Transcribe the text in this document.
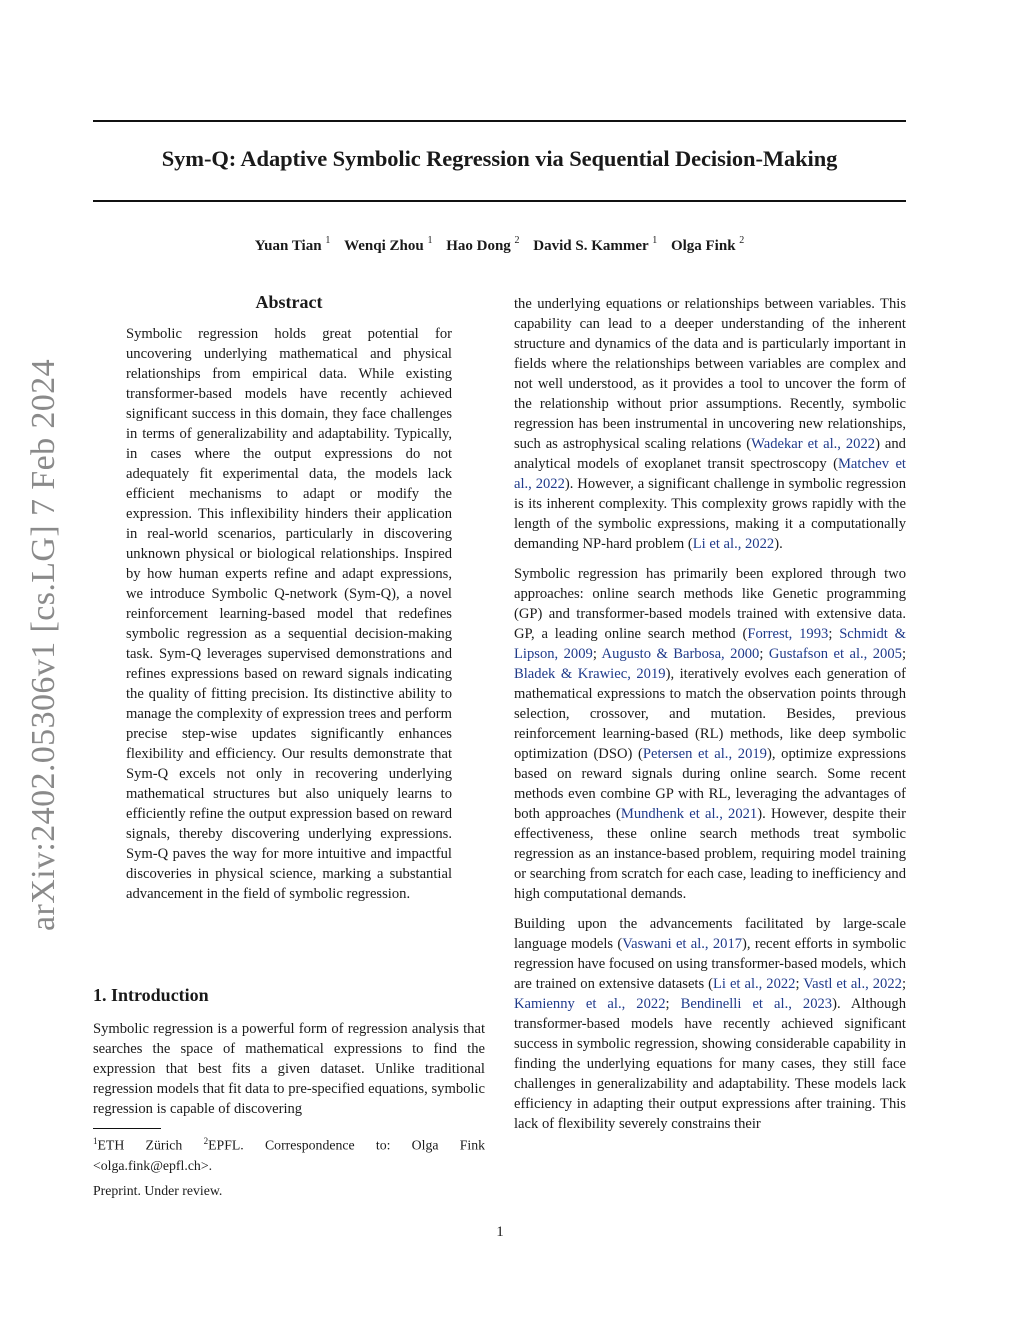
arXiv:2402.05306v1 [cs.LG] 7 Feb 2024
Sym-Q: Adaptive Symbolic Regression via Sequential Decision-Making
Yuan Tian $^1$ Wenqi Zhou $^1$ Hao Dong $^2$ David S. Kammer $^1$ Olga Fink $^2$
Abstract

Symbolic regression holds great potential for uncovering underlying mathematical and physical relationships from empirical data. While existing transformer-based models have recently achieved significant success in this domain, they face challenges in terms of generalizability and adaptability. Typically, in cases where the output expressions do not adequately fit experimental data, the models lack efficient mechanisms to adapt or modify the expression. This inflexibility hinders their application in real-world scenarios, particularly in discovering unknown physical or biological relationships. Inspired by how human experts refine and adapt expressions, we introduce Symbolic Q-network (Sym-Q), a novel reinforcement learning-based model that redefines symbolic regression as a sequential decision-making task. Sym-Q leverages supervised demonstrations and refines expressions based on reward signals indicating the quality of fitting precision. Its distinctive ability to manage the complexity of expression trees and perform precise step-wise updates significantly enhances flexibility and efficiency. Our results demonstrate that Sym-Q excels not only in recovering underlying mathematical structures but also uniquely learns to efficiently refine the output expression based on reward signals, thereby discovering underlying expressions. Sym-Q paves the way for more intuitive and impactful discoveries in physical science, marking a substantial advancement in the field of symbolic regression.

1. Introduction

Symbolic regression is a powerful form of regression analysis that searches the space of mathematical expressions to find the expression that best fits a given dataset. Unlike traditional regression models that fit data to pre-specified equations, symbolic regression is capable of discovering

$^1$ETH Zürich $^2$EPFL. Correspondence to: Olga Fink <olga.fink@epfl.ch>.
Preprint. Under review.

the underlying equations or relationships between variables. This capability can lead to a deeper understanding of the inherent structure and dynamics of the data and is particularly important in fields where the relationships between variables are complex and not well understood, as it provides a tool to uncover the form of the relationship without prior assumptions. Recently, symbolic regression has been instrumental in uncovering new relationships, such as astrophysical scaling relations (Wadekar et al., 2022) and analytical models of exoplanet transit spectroscopy (Matchev et al., 2022). However, a significant challenge in symbolic regression is its inherent complexity. This complexity grows rapidly with the length of the symbolic expressions, making it a computationally demanding NP-hard problem (Li et al., 2022).

Symbolic regression has primarily been explored through two approaches: online search methods like Genetic programming (GP) and transformer-based models trained with extensive data. GP, a leading online search method (Forrest, 1993; Schmidt & Lipson, 2009; Augusto & Barbosa, 2000; Gustafson et al., 2005; Bladek & Krawiec, 2019), iteratively evolves each generation of mathematical expressions to match the observation points through selection, crossover, and mutation. Besides, previous reinforcement learning-based (RL) methods, like deep symbolic optimization (DSO) (Petersen et al., 2019), optimize expressions based on reward signals during online search. Some recent methods even combine GP with RL, leveraging the advantages of both approaches (Mundhenk et al., 2021). However, despite their effectiveness, these online search methods treat symbolic regression as an instance-based problem, requiring model training or searching from scratch for each case, leading to inefficiency and high computational demands.

Building upon the advancements facilitated by large-scale language models (Vaswani et al., 2017), recent efforts in symbolic regression have focused on using transformer-based models, which are trained on extensive datasets (Li et al., 2022; Vastl et al., 2022; Kamienny et al., 2022; Bendinelli et al., 2023). Although transformer-based models have recently achieved significant success in symbolic regression, showing considerable capability in finding the underlying equations for many cases, they still face challenges in generalizability and adaptability. These models lack efficiency in adapting their output expressions after training. This lack of flexibility severely constrains their

1
